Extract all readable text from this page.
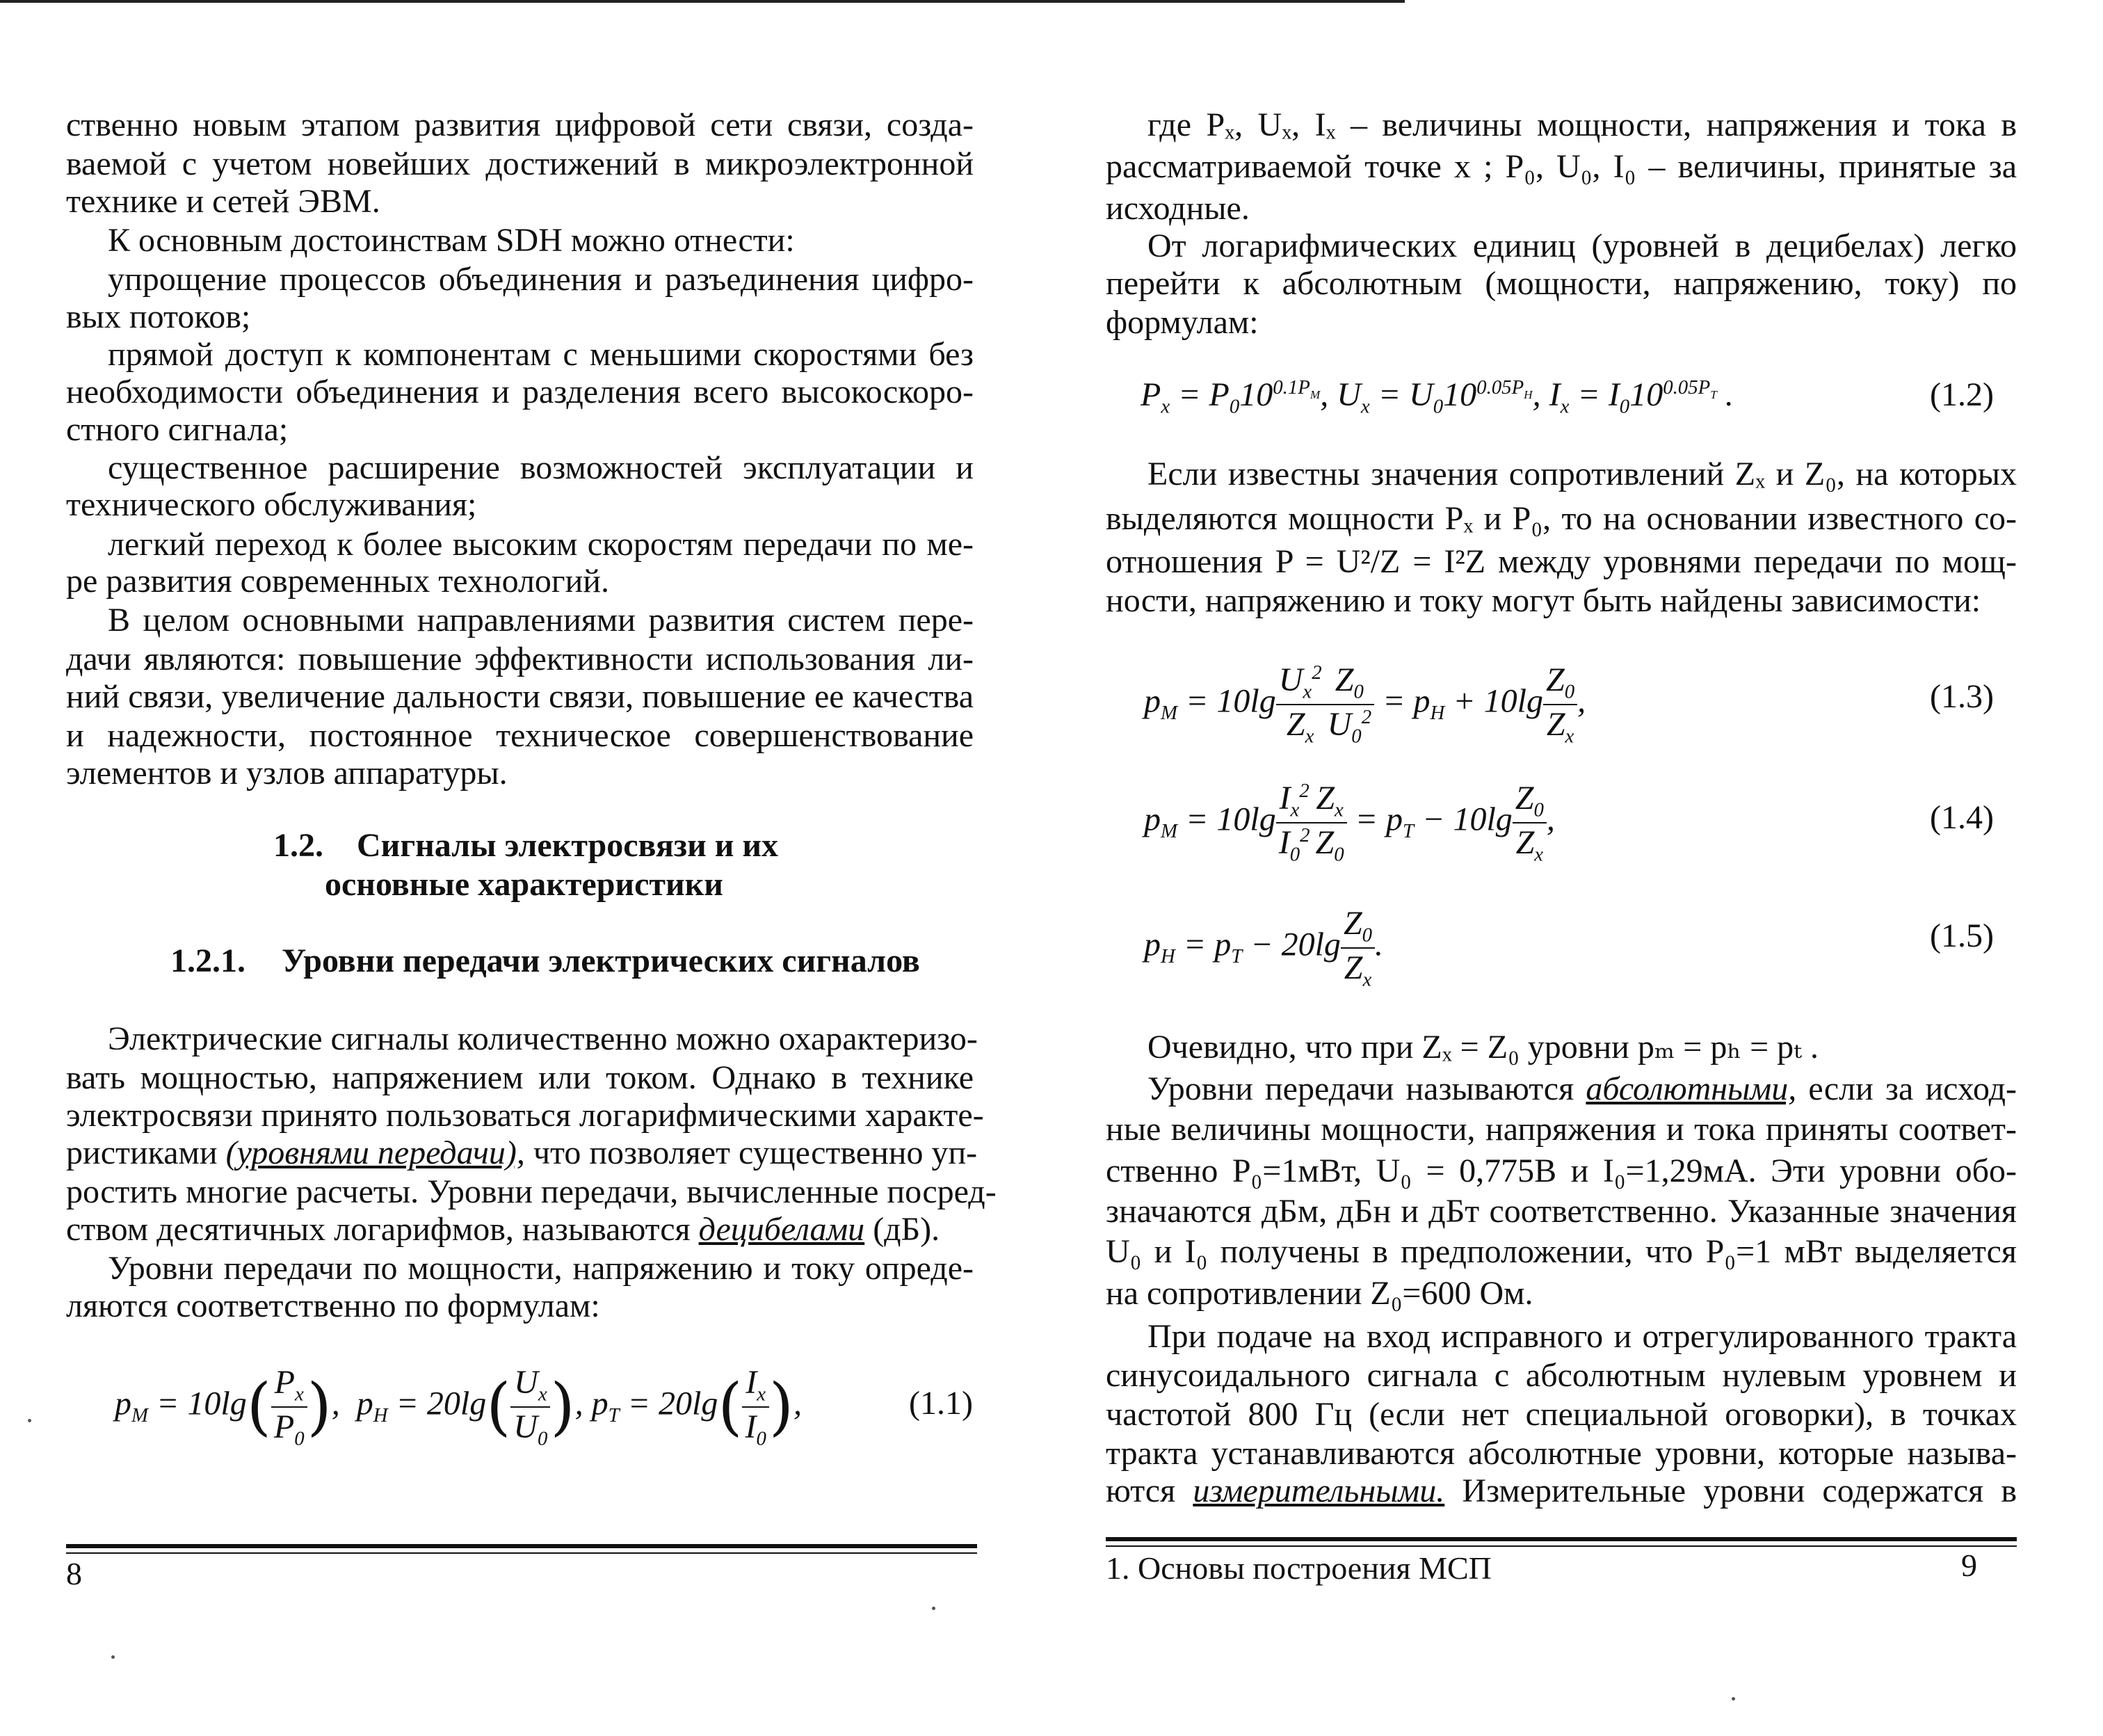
ственно новым этапом развития цифровой сети связи, созда-
ваемой с учетом новейших достижений в микроэлектронной
технике и сетей ЭВМ.
К основным достоинствам SDH можно отнести:
упрощение процессов объединения и разъединения цифро-
вых потоков;
прямой доступ к компонентам с меньшими скоростями без
необходимости объединения и разделения всего высокоскоро-
стного сигнала;
существенное расширение возможностей эксплуатации и
технического обслуживания;
легкий переход к более высоким скоростям передачи по ме-
ре развития современных технологий.
В целом основными направлениями развития систем пере-
дачи являются: повышение эффективности использования ли-
ний связи, увеличение дальности связи, повышение ее качества
и надежности, постоянное техническое совершенствование
элементов и узлов аппаратуры.
1.2. Сигналы электросвязи и их
основные характеристики
1.2.1. Уровни передачи электрических сигналов
Электрические сигналы количественно можно охарактеризо-
вать мощностью, напряжением или током. Однако в технике
электросвязи принято пользоваться логарифмическими характе-
ристиками (уровнями передачи), что позволяет существенно уп-
ростить многие расчеты. Уровни передачи, вычисленные посред-
ством десятичных логарифмов, называются децибелами (дБ).
Уровни передачи по мощности, напряжению и току опреде-
ляются соответственно по формулам:
$p_M = 10\lg( \frac{P_x}{P_0}$ ),  $p_H = 20\lg( \frac{U_x}{U_0}$ ), $p_T = 20\lg( \frac{I_x}{I_0}$ ),	(1.1)
8
где Pₓ, Uₓ, Iₓ – величины мощности, напряжения и тока в
рассматриваемой точке x ; P₀, U₀, I₀ – величины, принятые за
исходные.
От логарифмических единиц (уровней в децибелах) легко
перейти к абсолютным (мощности, напряжению, току) по
формулам:
$P_x = P_010^{0.1P_M}$, $U_x = U_010^{0.05P_H}$, $I_x = I_010^{0.05P_T}$ .	(1.2)
Если известны значения сопротивлений Zₓ и Z₀, на которых
выделяются мощности Pₓ и P₀, то на основании известного со-
отношения P = U²/Z = I²Z между уровнями передачи по мощ-
ности, напряжению и току могут быть найдены зависимости:
$p_M = 10\lg \frac{U_x^2}{Z_x} \frac{Z_0}{U_0^2} = p_H + 10\lg \frac{Z_0}{Z_x}$ ,	(1.3)
$p_M = 10\lg \frac{I_x^2}{I_0^2} \frac{Z_x}{Z_0} = p_T - 10\lg \frac{Z_0}{Z_x}$ ,	(1.4)
$p_H = p_T - 20\lg \frac{Z_0}{Z_x}$ .	(1.5)
Очевидно, что при Zₓ = Z₀ уровни pₘ = pₕ = pₜ .
Уровни передачи называются абсолютными, если за исход-
ные величины мощности, напряжения и тока приняты соответ-
ственно P₀=1мВт, U₀ = 0,775В и I₀=1,29мА. Эти уровни обо-
значаются дБм, дБн и дБт соответственно. Указанные значения
U₀ и I₀ получены в предположении, что P₀=1 мВт выделяется
на сопротивлении Z₀=600 Ом.
При подаче на вход исправного и отрегулированного тракта
синусоидального сигнала с абсолютным нулевым уровнем и
частотой 800 Гц (если нет специальной оговорки), в точках
тракта устанавливаются абсолютные уровни, которые называ-
ются измерительными. Измерительные уровни содержатся в
1. Основы построения МСП	9
